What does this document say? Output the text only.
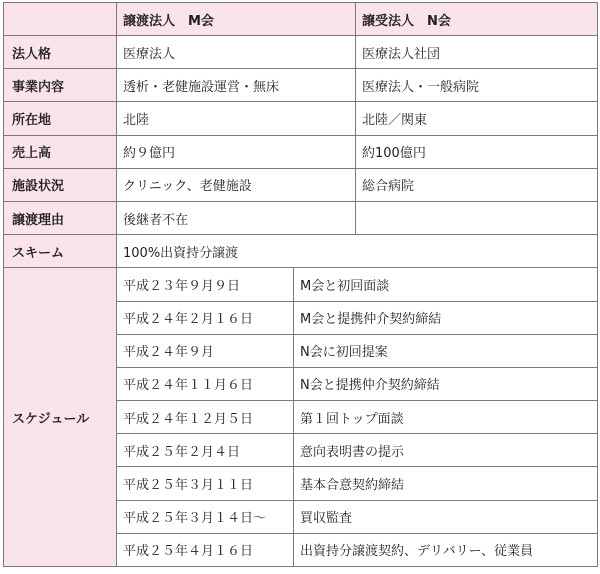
	譲渡法人　M会		譲受法人　N会
法人格	医療法人		医療法人社団
事業内容	透析・老健施設運営・無床		医療法人・一般病院
所在地	北陸		北陸／関東
売上高	約９億円		約100億円
施設状況	クリニック、老健施設		総合病院
譲渡理由	後継者不在		
スキーム	100%出資持分譲渡		
スケジュール	平成２３年９月９日	M会と初回面談	
	平成２４年２月１６日	M会と提携仲介契約締結	
	平成２４年９月	N会に初回提案	
	平成２４年１１月６日	N会と提携仲介契約締結	
	平成２４年１２月５日	第１回トップ面談	
	平成２５年２月４日	意向表明書の提示	
	平成２５年３月１１日	基本合意契約締結	
	平成２５年３月１４日～	買収監査	
	平成２５年４月１６日	出資持分譲渡契約、デリバリー、従業員	
